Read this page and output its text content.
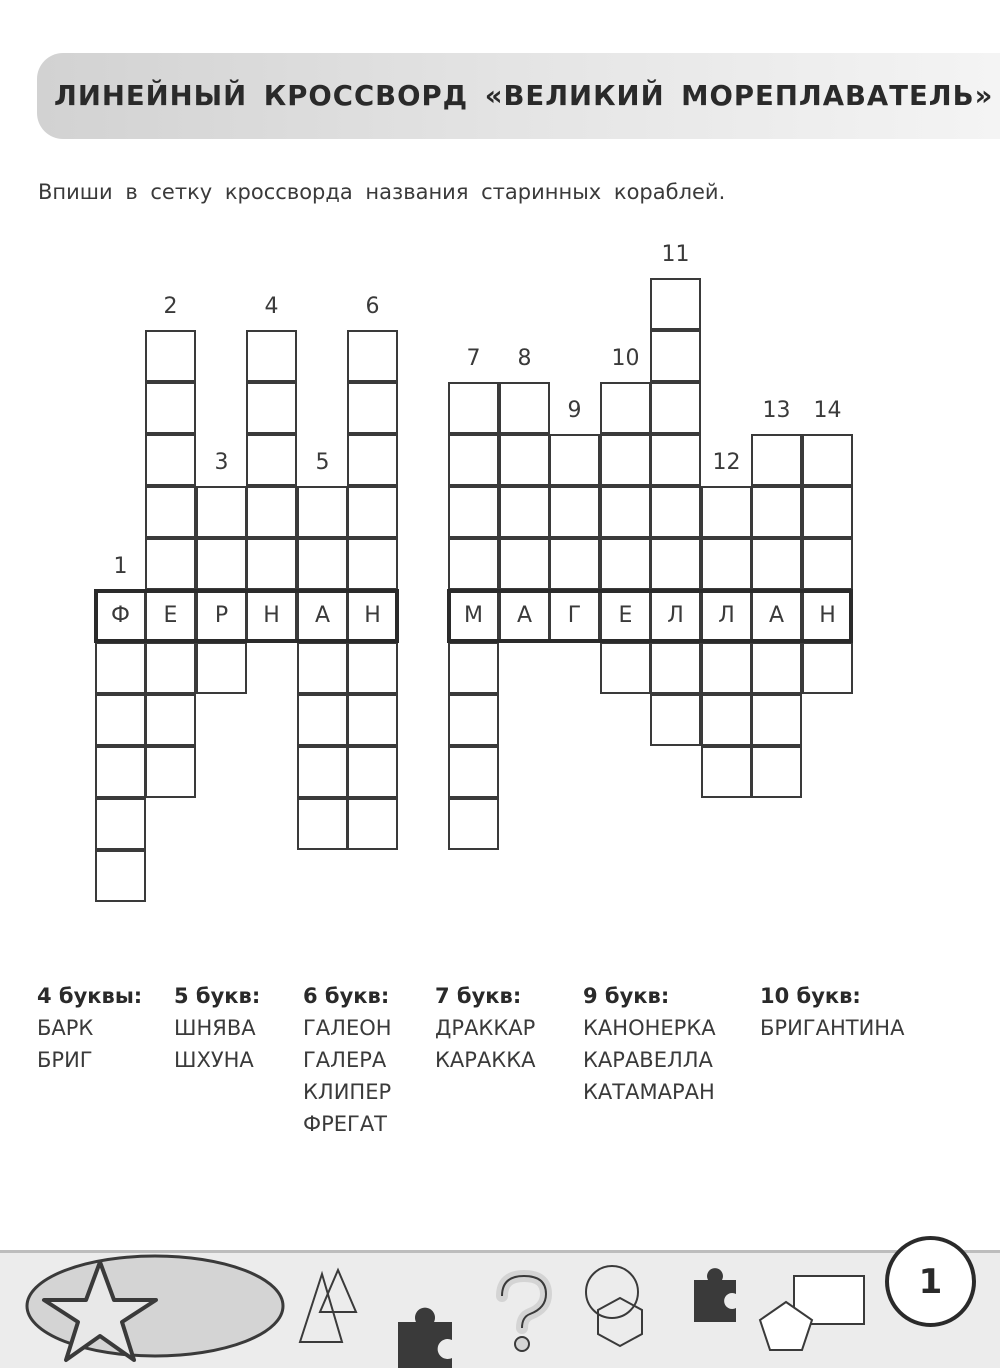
ЛИНЕЙНЫЙ КРОССВОРД «ВЕЛИКИЙ МОРЕПЛАВАТЕЛЬ»
Впиши в сетку кроссворда названия старинных кораблей.
1
2
3
4
5
6
7	8
9
10
11
12
13	14
Ф	Е	Р	Н	А	Н	М	А	Г	Е	Л	Л	А	Н
4 буквы:
БАРК
БРИГ
5 букв:
ШНЯВА
ШХУНА
6 букв:
ГАЛЕОН
ГАЛЕРА
КЛИПЕР
ФРЕГАТ
7 букв:
ДРАККАР
КАРАККА
9 букв:
КАНОНЕРКА
КАРАВЕЛЛА
КАТАМАРАН
10 букв:
БРИГАНТИНА
1
